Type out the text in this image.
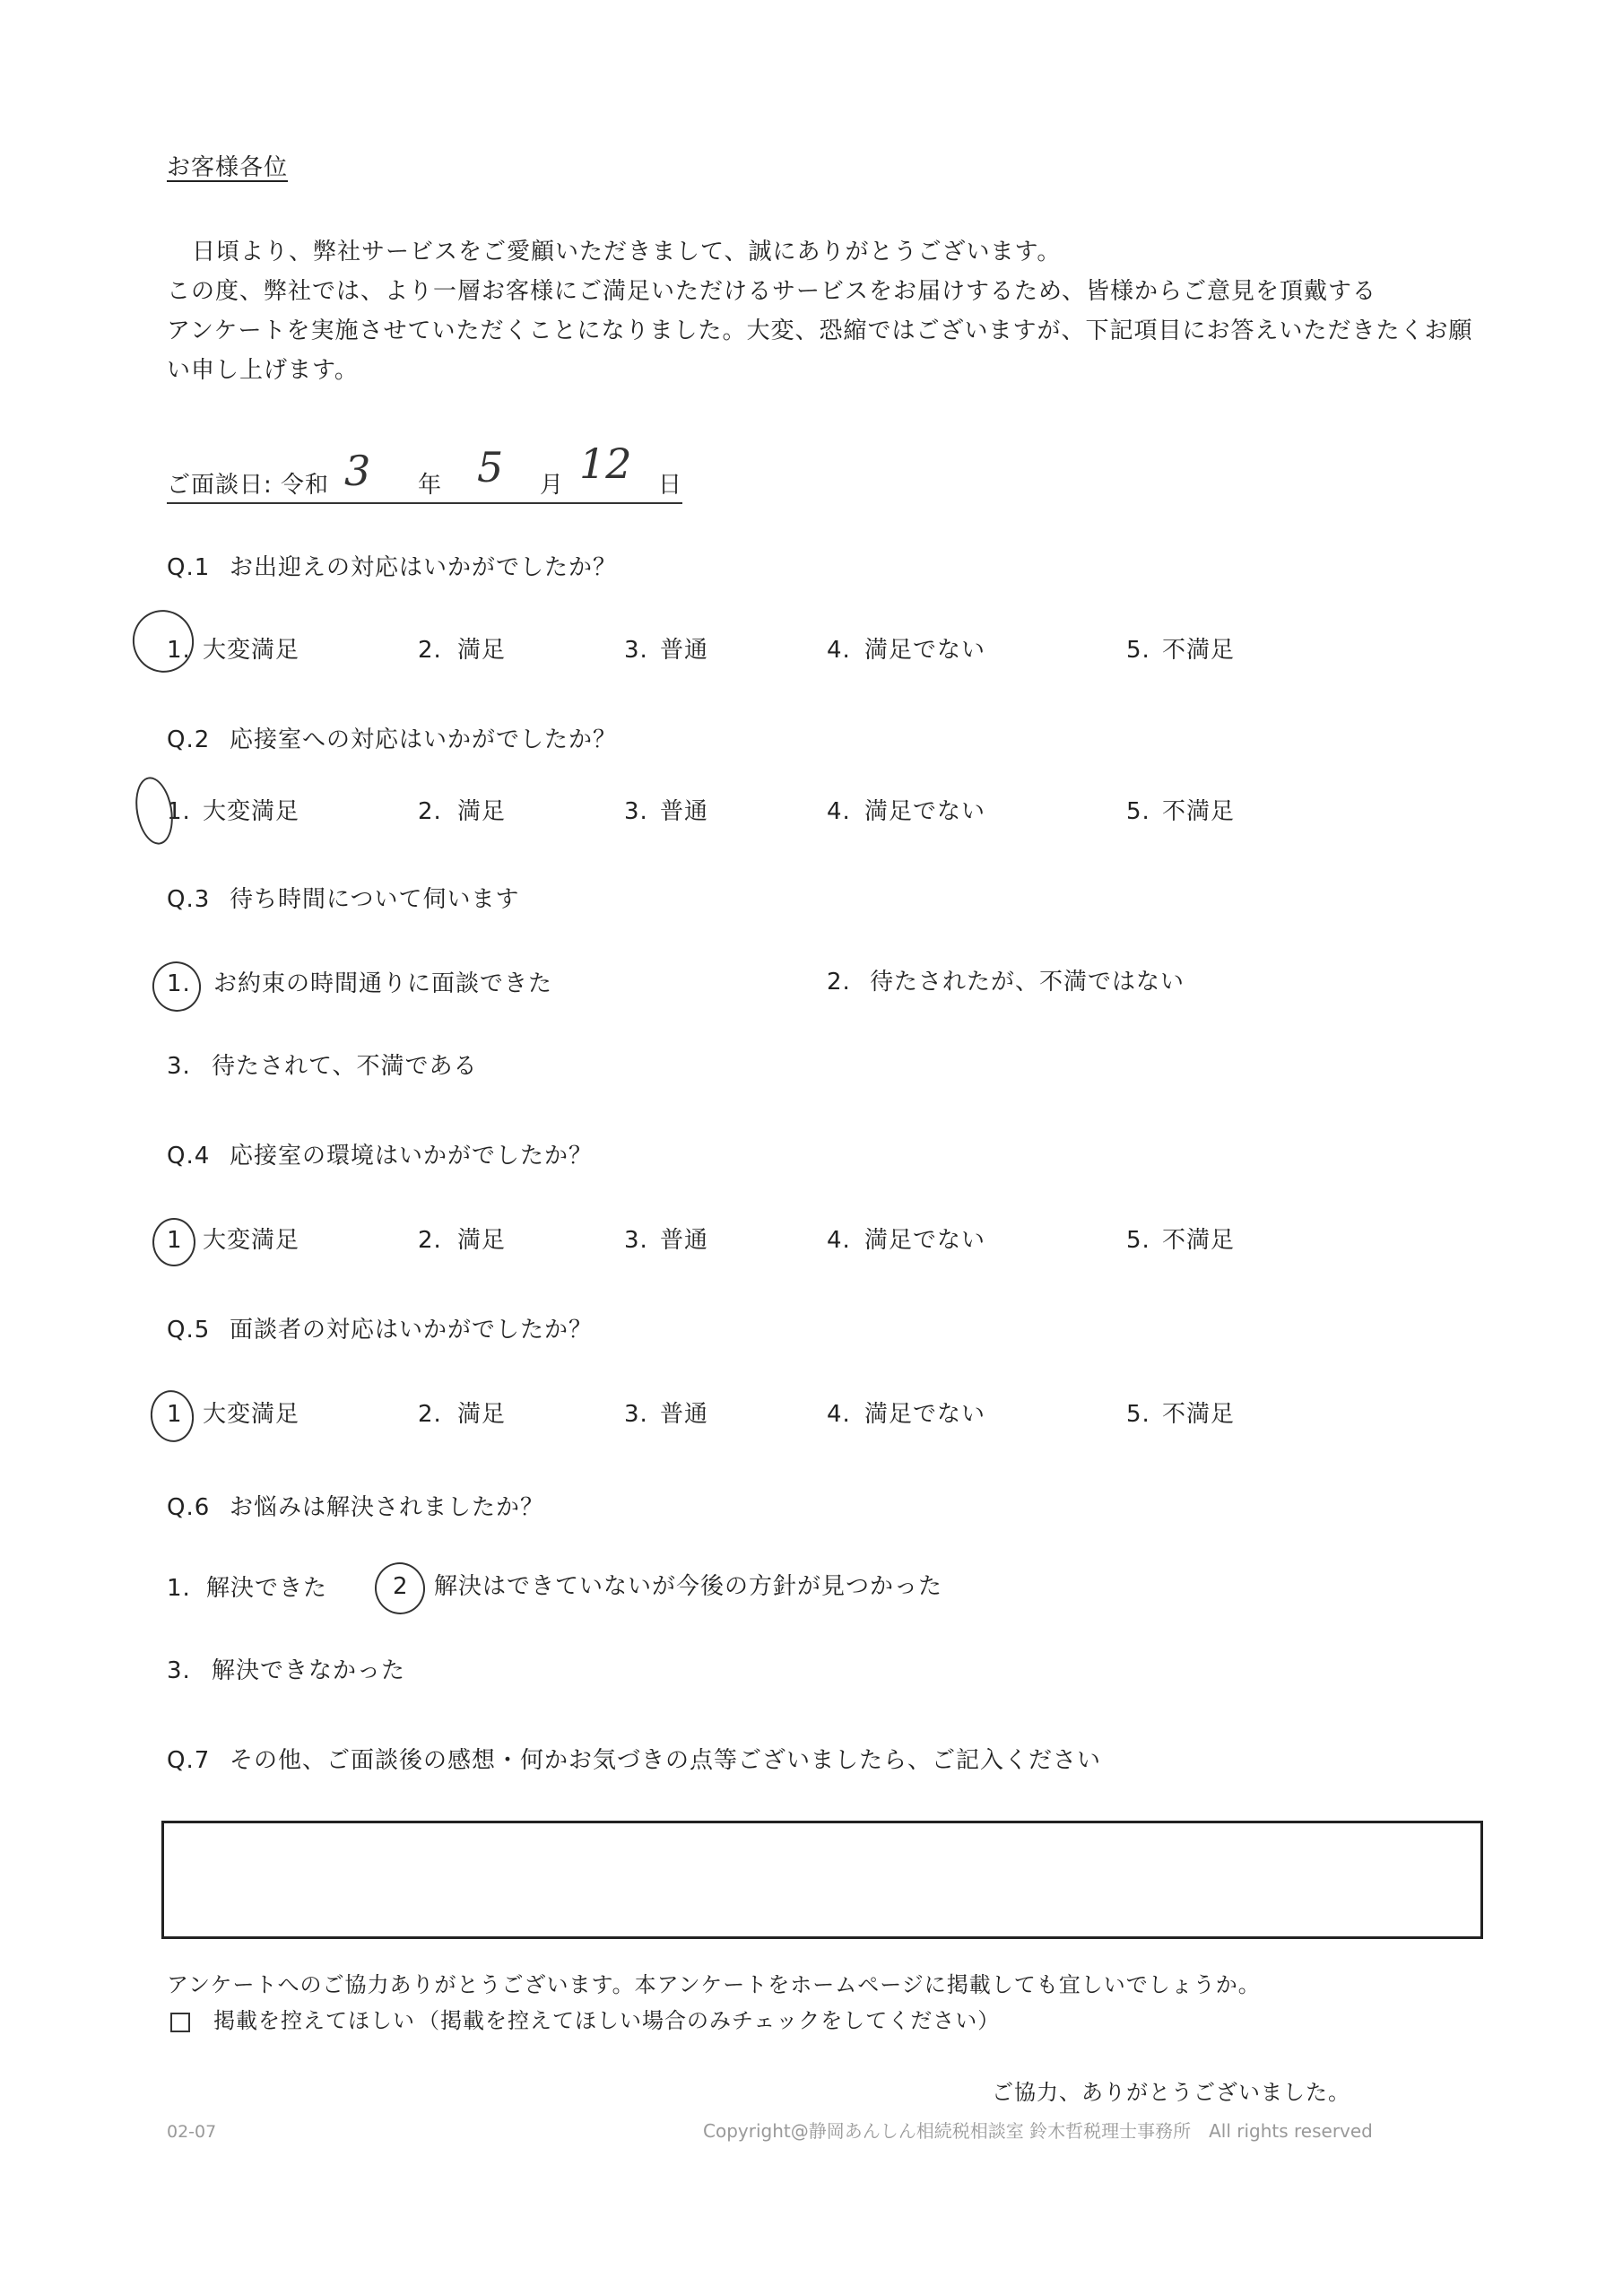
お客様各位
日頃より、弊社サービスをご愛顧いただきまして、誠にありがとうございます。
この度、弊社では、より一層お客様にご満足いただけるサービスをお届けするため、皆様からご意見を頂戴する
アンケートを実施させていただくことになりました。大変、恐縮ではございますが、下記項目にお答えいただきたくお願
い申し上げます。
ご面談日: 令和 3 年 5 月 12 日
Q.1 お出迎えの対応はいかがでしたか？
1. 大変満足	2. 満足	3. 普通	4. 満足でない	5. 不満足
Q.2 応接室への対応はいかがでしたか？
1. 大変満足	2. 満足	3. 普通	4. 満足でない	5. 不満足
Q.3 待ち時間について伺います
1. お約束の時間通りに面談できた	2. 待たされたが、不満ではない
3. 待たされて、不満である
Q.4 応接室の環境はいかがでしたか？
1 大変満足	2. 満足	3. 普通	4. 満足でない	5. 不満足
Q.5 面談者の対応はいかがでしたか？
1 大変満足	2. 満足	3. 普通	4. 満足でない	5. 不満足
Q.6 お悩みは解決されましたか？
1. 解決できた	2 解決はできていないが今後の方針が見つかった
3. 解決できなかった
Q.7 その他、ご面談後の感想・何かお気づきの点等ございましたら、ご記入ください
アンケートへのご協力ありがとうございます。本アンケートをホームページに掲載しても宜しいでしょうか。
掲載を控えてほしい （掲載を控えてほしい場合のみチェックをしてください）
ご協力、ありがとうございました。
02-07	Copyright@静岡あんしん相続税相談室 鈴木哲税理士事務所　All rights reserved
